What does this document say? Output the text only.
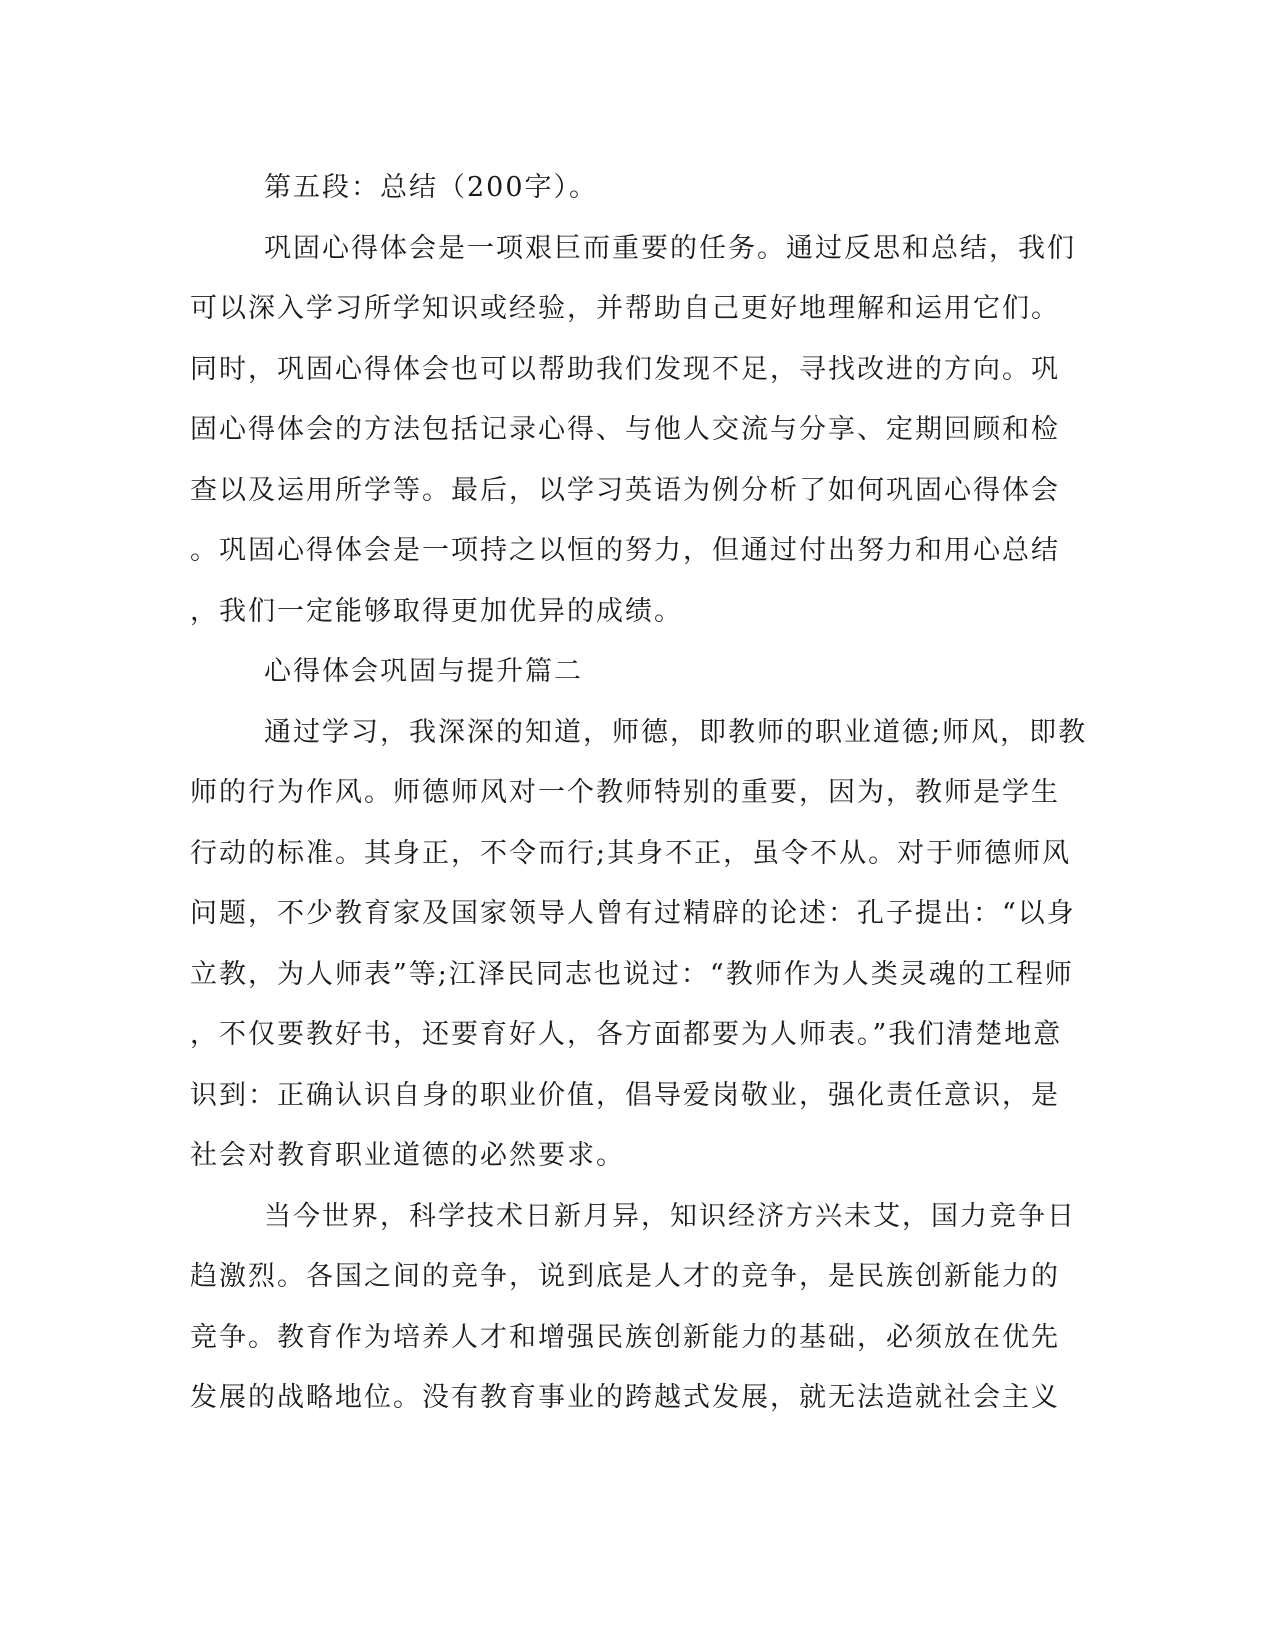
第五段：总结（200字）。
巩固心得体会是一项艰巨而重要的任务。通过反思和总结，我们
可以深入学习所学知识或经验，并帮助自己更好地理解和运用它们。
同时，巩固心得体会也可以帮助我们发现不足，寻找改进的方向。巩
固心得体会的方法包括记录心得、与他人交流与分享、定期回顾和检
查以及运用所学等。最后，以学习英语为例分析了如何巩固心得体会
。巩固心得体会是一项持之以恒的努力，但通过付出努力和用心总结
，我们一定能够取得更加优异的成绩。
心得体会巩固与提升篇二
通过学习，我深深的知道，师德，即教师的职业道德;师风，即教
师的行为作风。师德师风对一个教师特别的重要，因为，教师是学生
行动的标准。其身正，不令而行;其身不正，虽令不从。对于师德师风
问题，不少教育家及国家领导人曾有过精辟的论述：孔子提出：“以身
立教，为人师表”等;江泽民同志也说过：“教师作为人类灵魂的工程师
，不仅要教好书，还要育好人，各方面都要为人师表。”我们清楚地意
识到：正确认识自身的职业价值，倡导爱岗敬业，强化责任意识，是
社会对教育职业道德的必然要求。
当今世界，科学技术日新月异，知识经济方兴未艾，国力竞争日
趋激烈。各国之间的竞争，说到底是人才的竞争，是民族创新能力的
竞争。教育作为培养人才和增强民族创新能力的基础，必须放在优先
发展的战略地位。没有教育事业的跨越式发展，就无法造就社会主义
